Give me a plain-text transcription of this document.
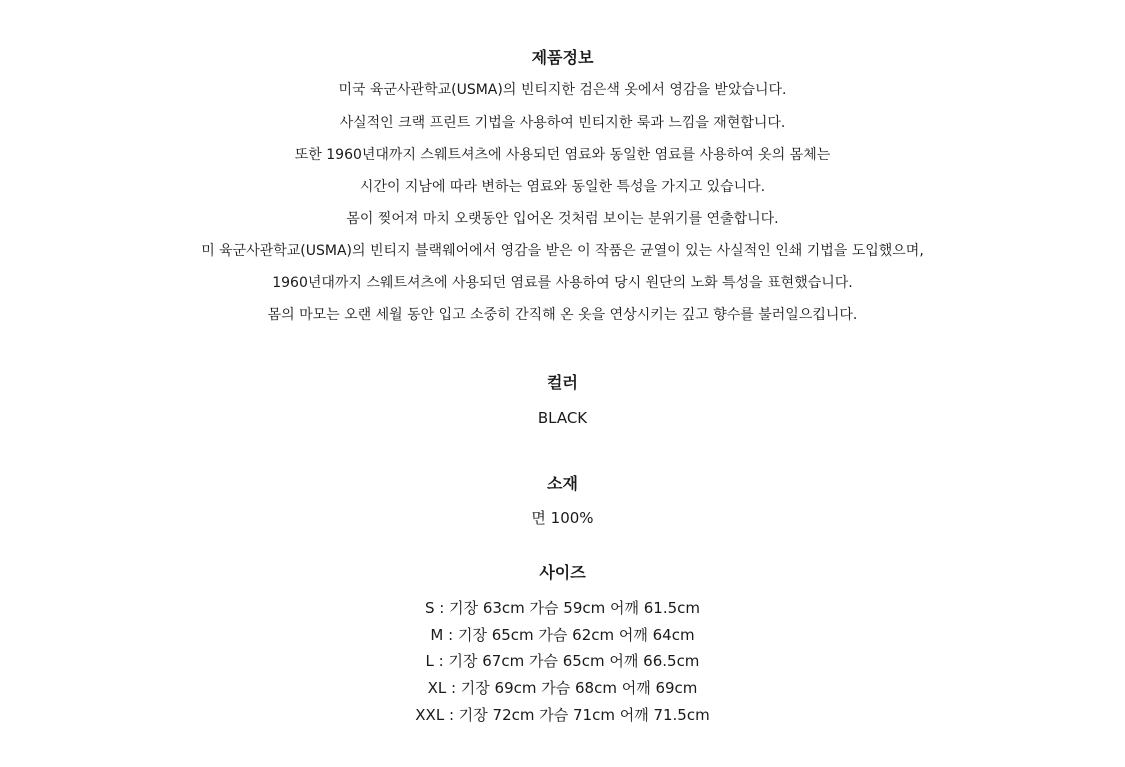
제품정보
미국 육군사관학교(USMA)의 빈티지한 검은색 옷에서 영감을 받았습니다.
사실적인 크랙 프린트 기법을 사용하여 빈티지한 룩과 느낌을 재현합니다.
또한 1960년대까지 스웨트셔츠에 사용되던 염료와 동일한 염료를 사용하여 옷의 몸체는
시간이 지남에 따라 변하는 염료와 동일한 특성을 가지고 있습니다.
몸이 찢어져 마치 오랫동안 입어온 것처럼 보이는 분위기를 연출합니다.
미 육군사관학교(USMA)의 빈티지 블랙웨어에서 영감을 받은 이 작품은 균열이 있는 사실적인 인쇄 기법을 도입했으며,
1960년대까지 스웨트셔츠에 사용되던 염료를 사용하여 당시 원단의 노화 특성을 표현했습니다.
몸의 마모는 오랜 세월 동안 입고 소중히 간직해 온 옷을 연상시키는 깊고 향수를 불러일으킵니다.
컬러
BLACK
소재
면 100%
사이즈
S : 기장 63cm 가슴 59cm 어깨 61.5cm
M : 기장 65cm 가슴 62cm 어깨 64cm
L : 기장 67cm 가슴 65cm 어깨 66.5cm
XL : 기장 69cm 가슴 68cm 어깨 69cm
XXL : 기장 72cm 가슴 71cm 어깨 71.5cm
